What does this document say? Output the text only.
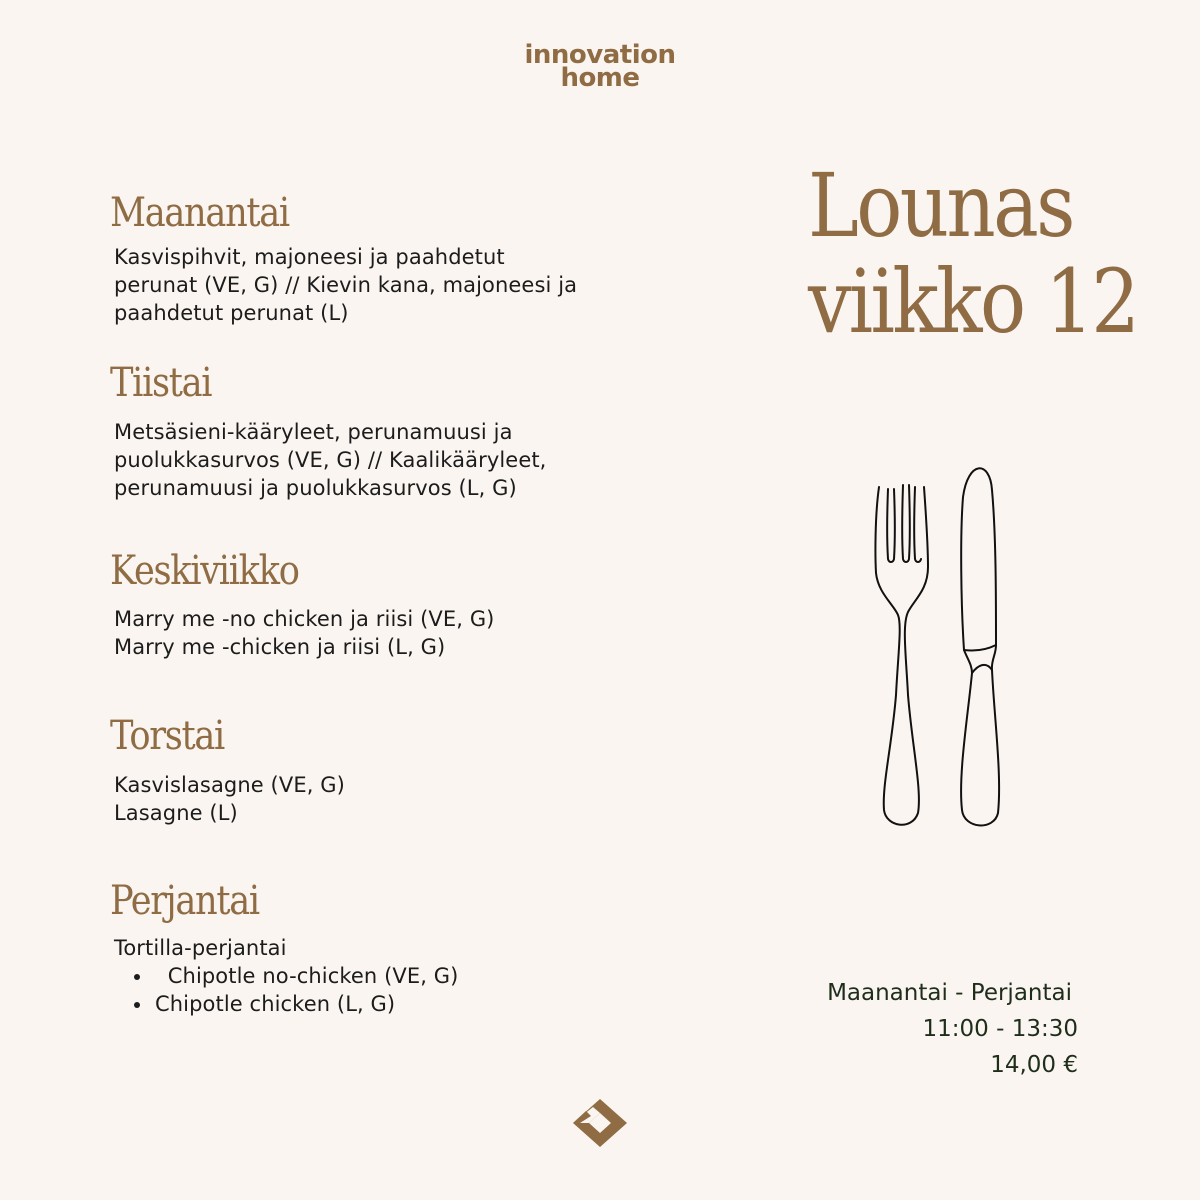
innovation
home
Maanantai

Kasvispihvit, majoneesi ja paahdetut

perunat (VE, G) // Kievin kana, majoneesi ja

paahdetut perunat (L)

Tiistai

Metsäsieni-kääryleet, perunamuusi ja

puolukkasurvos (VE, G) // Kaalikääryleet,

perunamuusi ja puolukkasurvos (L, G)

Keskiviikko

Marry me -no chicken ja riisi (VE, G)

Marry me -chicken ja riisi (L, G)

Torstai

Kasvislasagne (VE, G)

Lasagne (L)

Perjantai

Tortilla-perjantai

Chipotle no-chicken (VE, G)
Chipotle chicken (L, G)
Lounas
viikko 12
Maanantai - Perjantai
11:00 - 13:30
14,00 €
